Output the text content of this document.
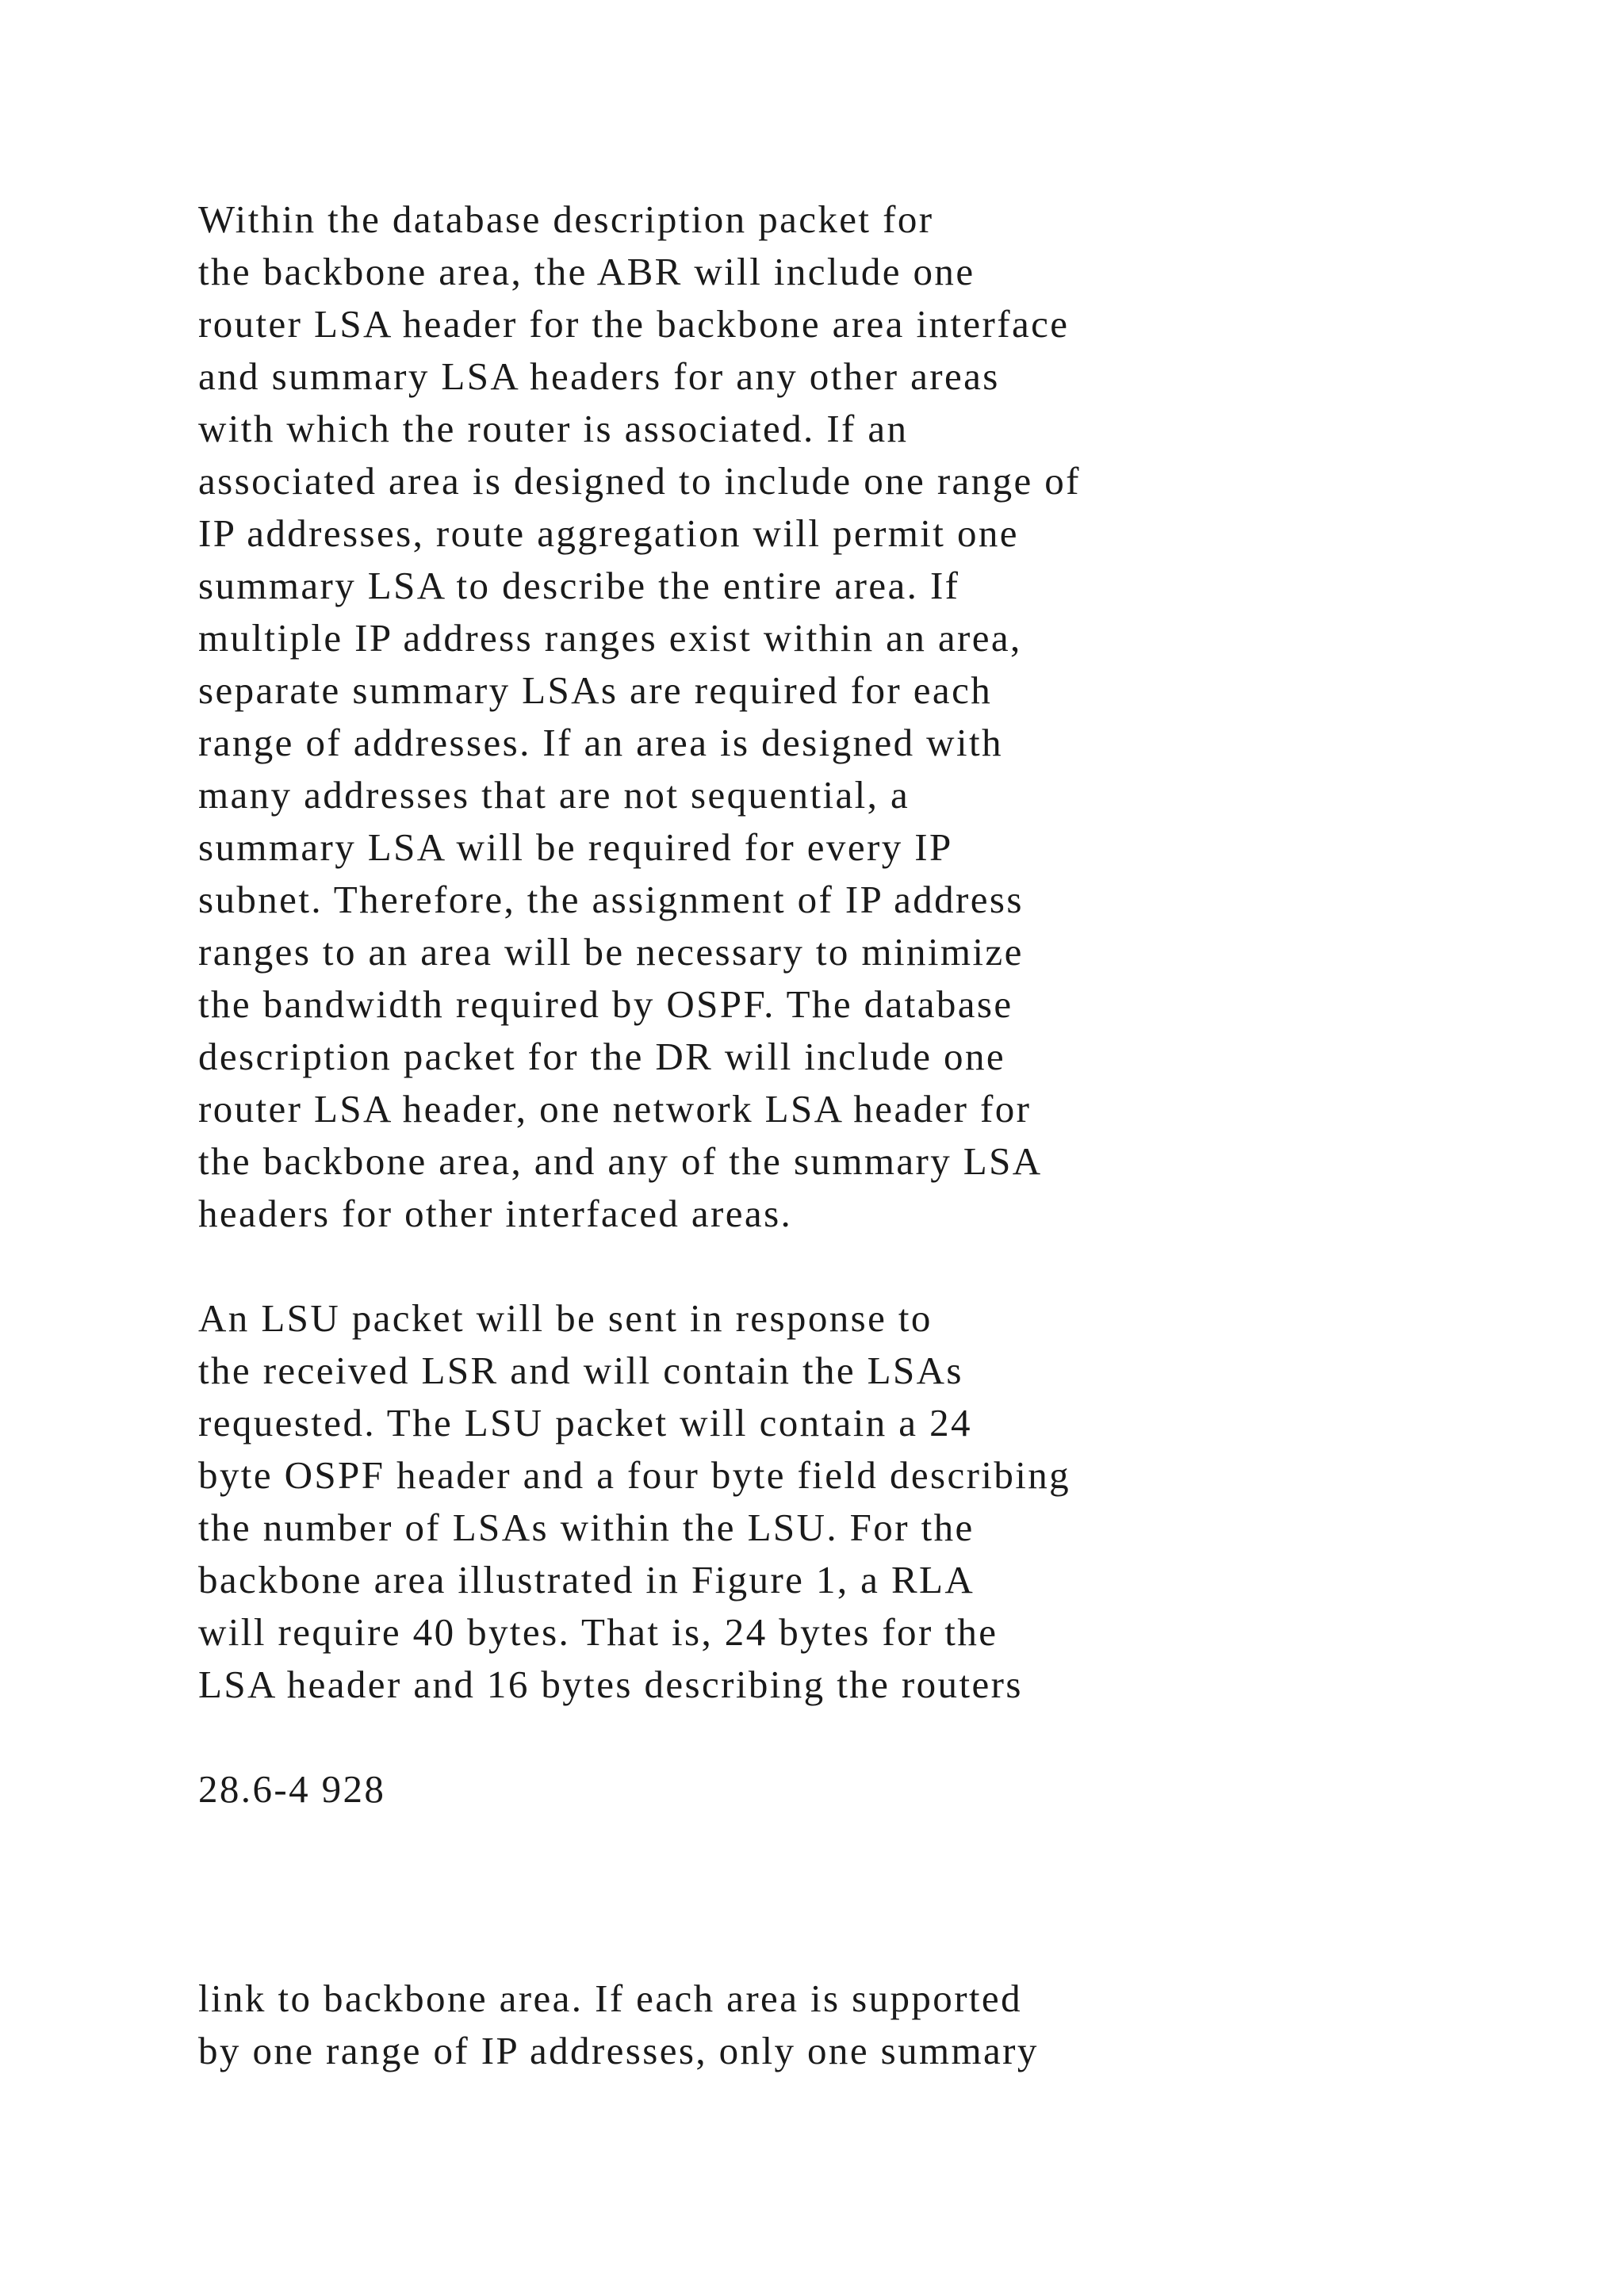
Within the database description packet for

the backbone area, the ABR will include one

router LSA header for the backbone area interface

and summary LSA headers for any other areas

with which the router is associated. If an

associated area is designed to include one range of

IP addresses, route aggregation will permit one

summary LSA to describe the entire area. If

multiple IP address ranges exist within an area,

separate summary LSAs are required for each

range of addresses. If an area is designed with

many addresses that are not sequential, a

summary LSA will be required for every IP

subnet. Therefore, the assignment of IP address

ranges to an area will be necessary to minimize

the bandwidth required by OSPF. The database

description packet for the DR will include one

router LSA header, one network LSA header for

the backbone area, and any of the summary LSA

headers for other interfaced areas.

An LSU packet will be sent in response to

the received LSR and will contain the LSAs

requested. The LSU packet will contain a 24

byte OSPF header and a four byte field describing

the number of LSAs within the LSU. For the

backbone area illustrated in Figure 1, a RLA

will require 40 bytes. That is, 24 bytes for the

LSA header and 16 bytes describing the routers

28.6-4 928

link to backbone area. If each area is supported

by one range of IP addresses, only one summary
